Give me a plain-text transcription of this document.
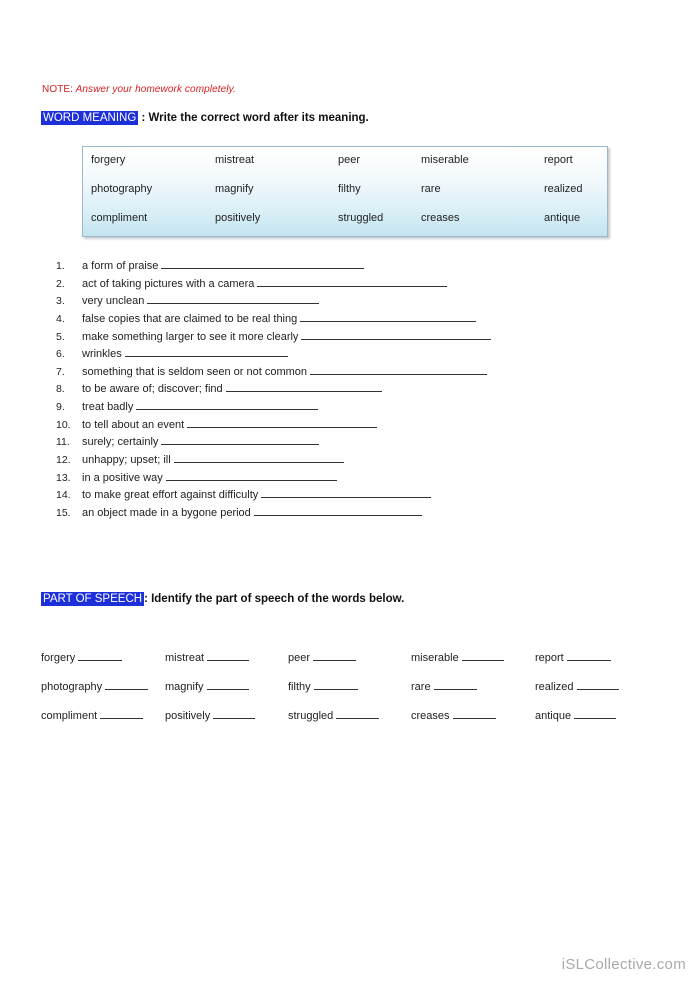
NOTE: Answer your homework completely.
WORD MEANING : Write the correct word after its meaning.
forgery	mistreat	peer	miserable	report
photography	magnify	filthy	rare	realized
compliment	positively	struggled	creases	antique
1. a form of praise
2. act of taking pictures with a camera
3. very unclean
4. false copies that are claimed to be real thing
5. make something larger to see it more clearly
6. wrinkles
7. something that is seldom seen or not common
8. to be aware of; discover; find
9. treat badly
10. to tell about an event
11. surely; certainly
12. unhappy; upset; ill
13. in a positive way
14. to make great effort against difficulty
15. an object made in a bygone period
PART OF SPEECH : Identify the part of speech of the words below.
forgery	mistreat	peer	miserable	report
photography	magnify	filthy	rare	realized
compliment	positively	struggled	creases	antique
iSLCollective.com
